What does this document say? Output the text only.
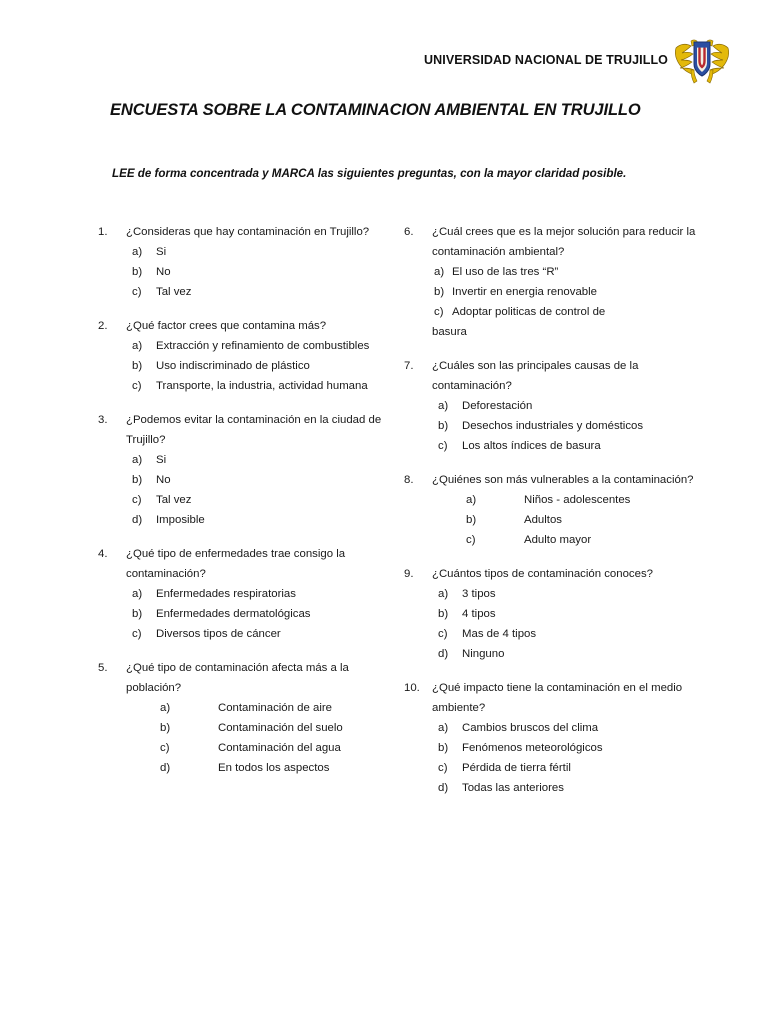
UNIVERSIDAD NACIONAL DE TRUJILLO
ENCUESTA SOBRE LA CONTAMINACION AMBIENTAL EN TRUJILLO
LEE de forma concentrada y MARCA las siguientes preguntas, con la mayor claridad posible.
1.	¿Consideras que hay contaminación en Trujillo?
a)	Si
b)	No
c)	Tal vez
2.	¿Qué factor crees que contamina más?
a)	Extracción y refinamiento de combustibles
b)	Uso indiscriminado de plástico
c)	Transporte, la industria, actividad humana
3.	¿Podemos evitar la contaminación en la ciudad de Trujillo?
a)	Si
b)	No
c)	Tal vez
d)	Imposible
4.	¿Qué tipo de enfermedades trae consigo la contaminación?
a)	Enfermedades respiratorias
b)	Enfermedades dermatológicas
c)	Diversos tipos de cáncer
5.	¿Qué tipo de contaminación afecta más a la población?
a)	Contaminación de aire
b)	Contaminación del suelo
c)	Contaminación del agua
d)	En todos los aspectos
6.	¿Cuál crees que es la mejor solución para reducir la contaminación ambiental?
a) El uso de las tres “R”
b) Invertir en energia renovable
c) Adoptar politicas de control de
basura
7.	¿Cuáles son las principales causas de la contaminación?
a)	Deforestación
b)	Desechos industriales y domésticos
c)	Los altos índices de basura
8.	¿Quiénes son más vulnerables a la contaminación?
a)	Niños - adolescentes
b)	Adultos
c)	Adulto mayor
9.	¿Cuántos tipos de contaminación conoces?
a)	3 tipos
b)	4 tipos
c)	Mas de 4 tipos
d)	Ninguno
10.	¿Qué impacto tiene la contaminación en el medio ambiente?
a)	Cambios bruscos del clima
b)	Fenómenos meteorológicos
c)	Pérdida de tierra fértil
d)	Todas las anteriores
